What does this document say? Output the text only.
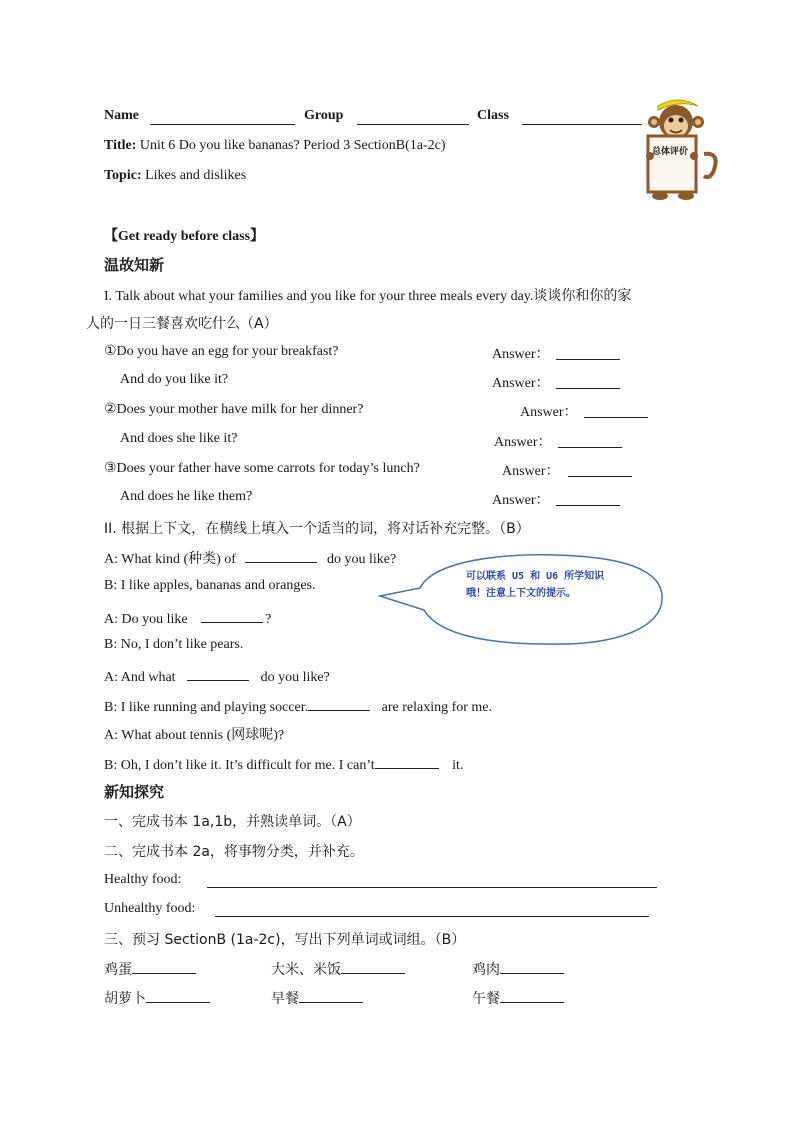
Name	Group	Class
Title: Unit 6 Do you like bananas? Period 3 SectionB(1a-2c)
Topic: Likes and dislikes
总体评价
【Get ready before class】
温故知新
I. Talk about what your families and you like for your three meals every day.谈谈你和你的家
人的一日三餐喜欢吃什么（A）
①Do you have an egg for your breakfast?	Answer：
And do you like it?	Answer：
②Does your mother have milk for her dinner?	Answer：
And does she like it?	Answer：
③Does your father have some carrots for today’s lunch?	Answer：
And does he like them?	Answer：
II. 根据上下文，在横线上填入一个适当的词，将对话补充完整。（B）
A: What kind (种类) of	do you like?
B: I like apples, bananas and oranges.
A: Do you like	?
B: No, I don’t like pears.
A: And what	do you like?
B: I like running and playing soccer.	are relaxing for me.
A: What about tennis (网球呢)?
B: Oh, I don’t like it. It’s difficult for me. I can’t	it.
可以联系 U5 和 U6 所学知识哦！注意上下文的提示。
新知探究
一、完成书本 1a,1b，并熟读单词。（A）
二、完成书本 2a，将事物分类，并补充。
Healthy food:
Unhealthy food:
三、预习 SectionB (1a-2c)，写出下列单词或词组。（B）
鸡蛋	大米、米饭	鸡肉
胡萝卜	早餐	午餐
